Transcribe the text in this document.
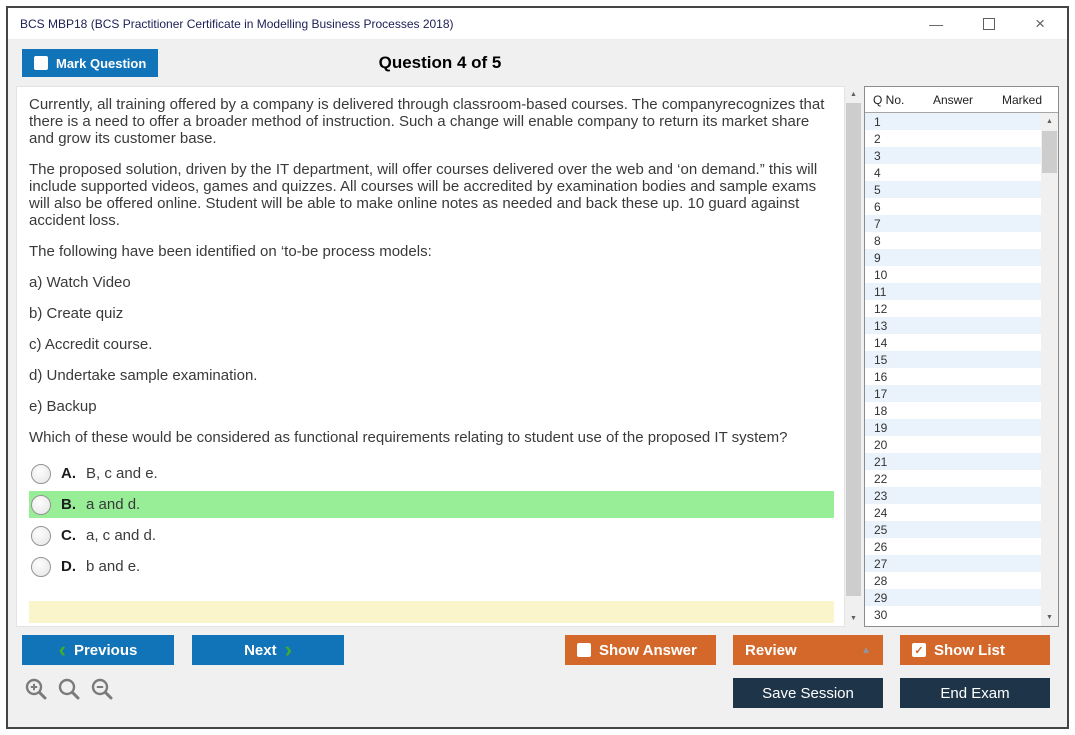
BCS MBP18 (BCS Practitioner Certificate in Modelling Business Processes 2018)	—	×
Mark Question	Question 4 of 5

Currently, all training offered by a company is delivered through classroom-based courses. The companyrecognizes that there is a need to offer a broader method of instruction. Such a change will enable company to return its market share and grow its customer base.

The proposed solution, driven by the IT department, will offer courses delivered over the web and ‘on demand.” this will include supported videos, games and quizzes. All courses will be accredited by examination bodies and sample exams will also be offered online. Student will be able to make online notes as needed and back these up. 10 guard against accident loss.

The following have been identified on ‘to-be process models:

a) Watch Video

b) Create quiz

c) Accredit course.

d) Undertake sample examination.

e) Backup

Which of these would be considered as functional requirements relating to student use of the proposed IT system?

A. B, c and e.
B. a and d.
C. a, c and d.
D. b and e.
▲
▼
Q No.	Answer	Marked
1
2
3
4
5
6
7
8
9
10
11
12
13
14
15
16
17
18
19
20
21
22
23
24
25
26
27
28
29
30
▲
▼
‹ Previous	Next ›	Show Answer	Review	▲	✓ Show List
Save Session	End Exam
